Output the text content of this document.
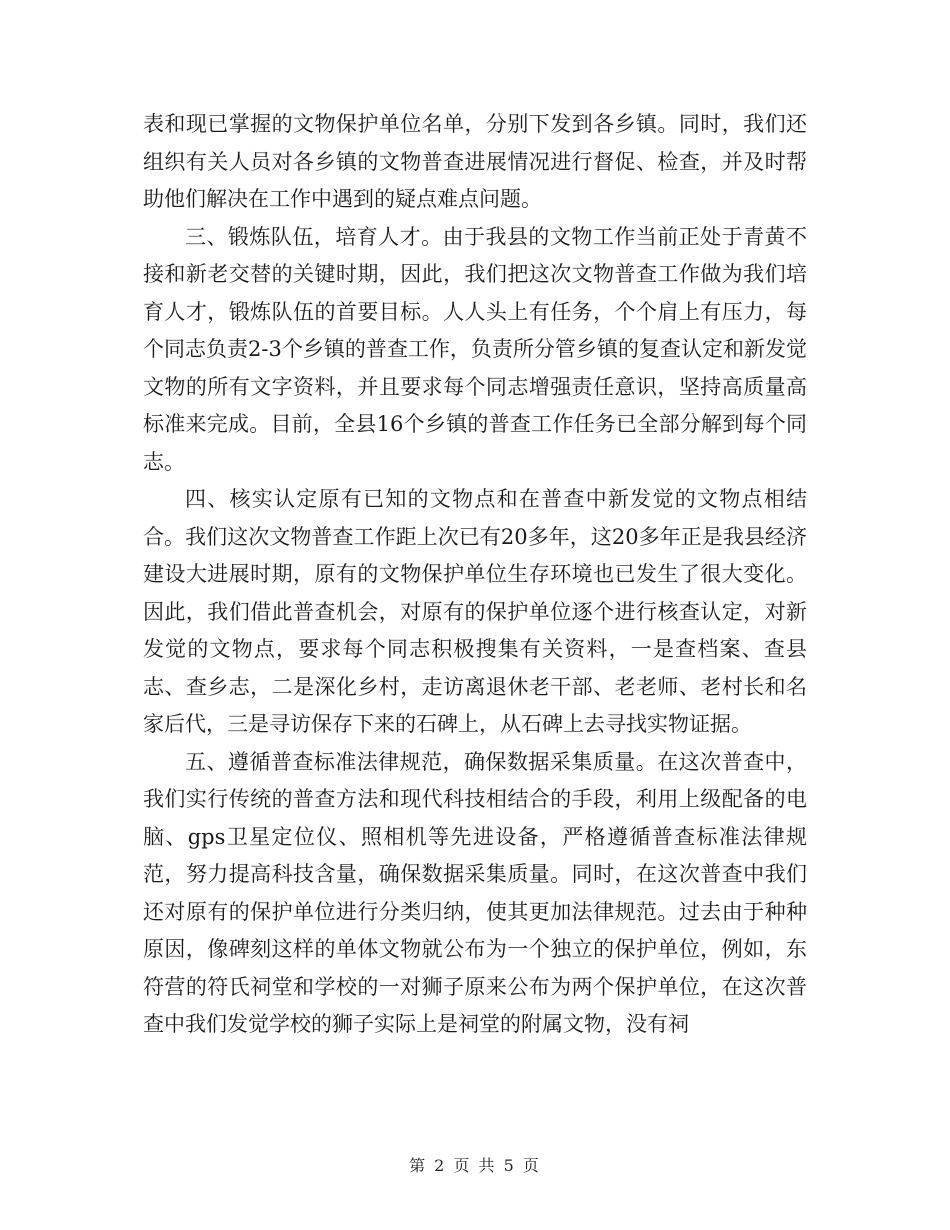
表和现已掌握的文物保护单位名单，分别下发到各乡镇。同时，我们还组织有关人员对各乡镇的文物普查进展情况进行督促、检查，并及时帮助他们解决在工作中遇到的疑点难点问题。

三、锻炼队伍，培育人才。由于我县的文物工作当前正处于青黄不接和新老交替的关键时期，因此，我们把这次文物普查工作做为我们培育人才，锻炼队伍的首要目标。人人头上有任务，个个肩上有压力，每个同志负责2-3个乡镇的普查工作，负责所分管乡镇的复查认定和新发觉文物的所有文字资料，并且要求每个同志增强责任意识，坚持高质量高标准来完成。目前，全县16个乡镇的普查工作任务已全部分解到每个同志。

四、核实认定原有已知的文物点和在普查中新发觉的文物点相结合。我们这次文物普查工作距上次已有20多年，这20多年正是我县经济建设大进展时期，原有的文物保护单位生存环境也已发生了很大变化。因此，我们借此普查机会，对原有的保护单位逐个进行核查认定，对新发觉的文物点，要求每个同志积极搜集有关资料，一是查档案、查县志、查乡志，二是深化乡村，走访离退休老干部、老老师、老村长和名家后代，三是寻访保存下来的石碑上，从石碑上去寻找实物证据。

五、遵循普查标准法律规范，确保数据采集质量。在这次普查中，我们实行传统的普查方法和现代科技相结合的手段，利用上级配备的电脑、gps卫星定位仪、照相机等先进设备，严格遵循普查标准法律规范，努力提高科技含量，确保数据采集质量。同时，在这次普查中我们还对原有的保护单位进行分类归纳，使其更加法律规范。过去由于种种原因，像碑刻这样的单体文物就公布为一个独立的保护单位，例如，东符营的符氏祠堂和学校的一对狮子原来公布为两个保护单位，在这次普查中我们发觉学校的狮子实际上是祠堂的附属文物，没有祠

第 2 页 共 5 页
